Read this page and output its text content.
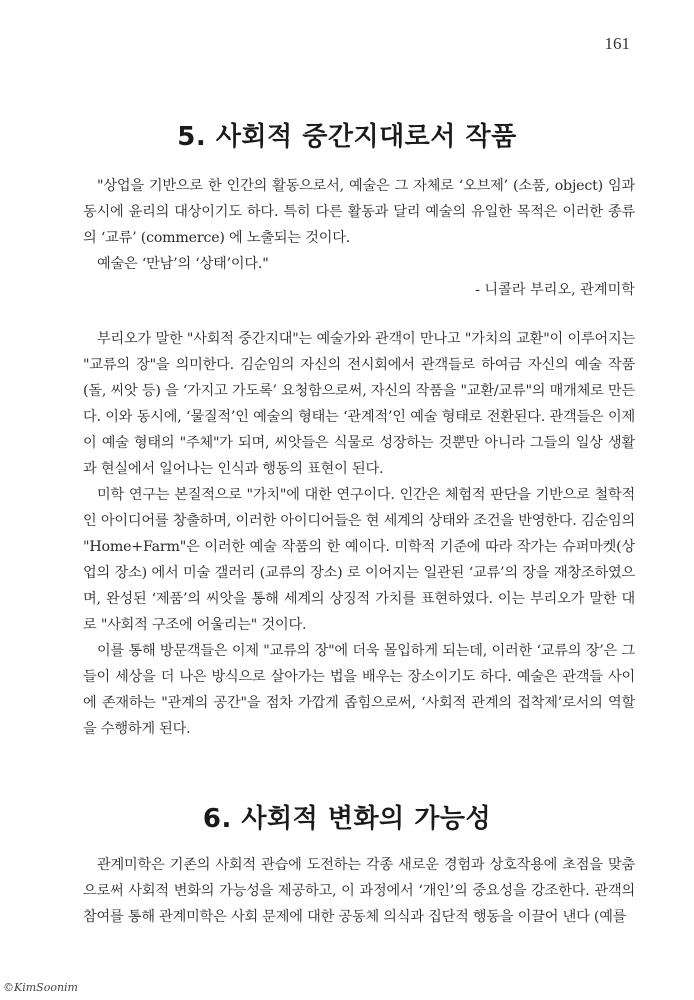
161
5. 사회적 중간지대로서 작품

"상업을 기반으로 한 인간의 활동으로서, 예술은 그 자체로 ‘오브제’ (소품, object) 임과 동시에 윤리의 대상이기도 하다. 특히 다른 활동과 달리 예술의 유일한 목적은 이러한 종류의 ‘교류’ (commerce) 에 노출되는 것이다.

예술은 ‘만남’의 ‘상태’이다."

- 니콜라 부리오, 관계미학

부리오가 말한 "사회적 중간지대"는 예술가와 관객이 만나고 "가치의 교환"이 이루어지는 "교류의 장"을 의미한다. 김순임의 자신의 전시회에서 관객들로 하여금 자신의 예술 작품(돌, 씨앗 등) 을 ‘가지고 가도록’ 요청함으로써, 자신의 작품을 "교환/교류"의 매개체로 만든다. 이와 동시에, ‘물질적’인 예술의 형태는 ‘관계적’인 예술 형태로 전환된다. 관객들은 이제 이 예술 형태의 "주체"가 되며, 씨앗들은 식물로 성장하는 것뿐만 아니라 그들의 일상 생활과 현실에서 일어나는 인식과 행동의 표현이 된다.

미학 연구는 본질적으로 "가치"에 대한 연구이다. 인간은 체험적 판단을 기반으로 철학적인 아이디어를 창출하며, 이러한 아이디어들은 현 세계의 상태와 조건을 반영한다. 김순임의 "Home+Farm"은 이러한 예술 작품의 한 예이다. 미학적 기준에 따라 작가는 슈퍼마켓(상업의 장소) 에서 미술 갤러리 (교류의 장소) 로 이어지는 일관된 ‘교류’의 장을 재창조하였으며, 완성된 ‘제품’의 씨앗을 통해 세계의 상징적 가치를 표현하였다. 이는 부리오가 말한 대로 "사회적 구조에 어울리는" 것이다.

이를 통해 방문객들은 이제 "교류의 장"에 더욱 몰입하게 되는데, 이러한 ‘교류의 장’은 그들이 세상을 더 나은 방식으로 살아가는 법을 배우는 장소이기도 하다. 예술은 관객들 사이에 존재하는 "관계의 공간"을 점차 가깝게 좁힘으로써, ‘사회적 관계의 접착제’로서의 역할을 수행하게 된다.

6. 사회적 변화의 가능성

관계미학은 기존의 사회적 관습에 도전하는 각종 새로운 경험과 상호작용에 초점을 맞춤으로써 사회적 변화의 가능성을 제공하고, 이 과정에서 ‘개인’의 중요성을 강조한다. 관객의 참여를 통해 관계미학은 사회 문제에 대한 공동체 의식과 집단적 행동을 이끌어 낸다 (예를

©KimSoonim
